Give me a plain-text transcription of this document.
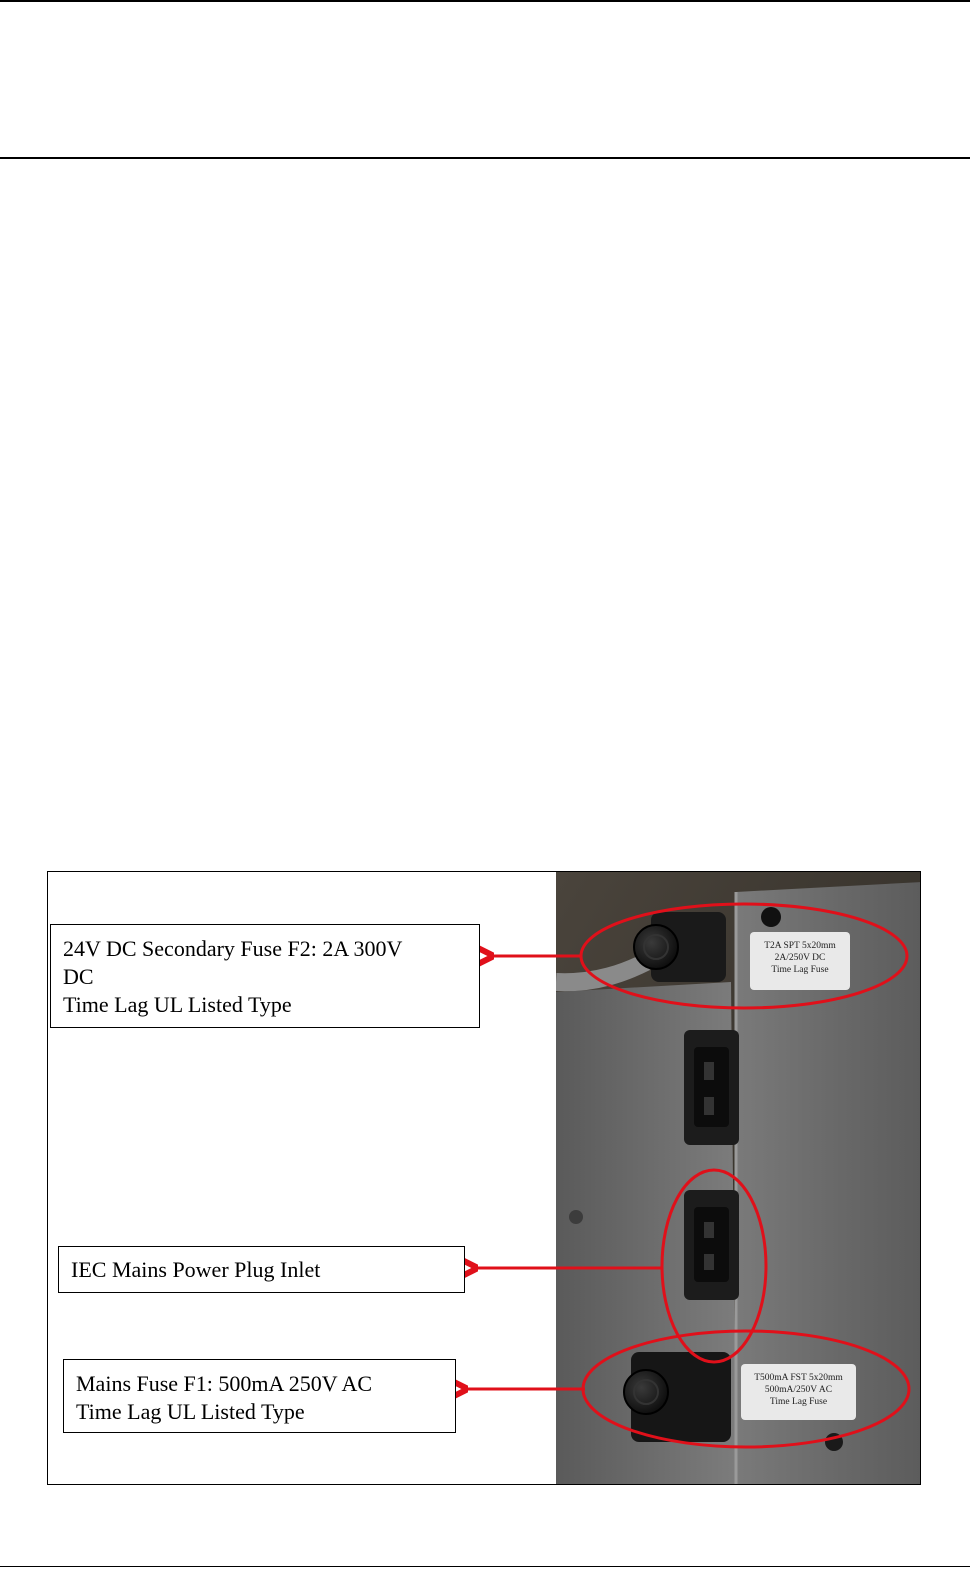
T2A SPT 5x20mm
2A/250V DC
Time Lag Fuse
T500mA FST 5x20mm
500mA/250V AC
Time Lag Fuse
24V DC Secondary Fuse F2: 2A 300V
DC
Time Lag UL Listed Type
IEC Mains Power Plug Inlet
Mains Fuse F1: 500mA 250V AC
Time Lag UL Listed Type
